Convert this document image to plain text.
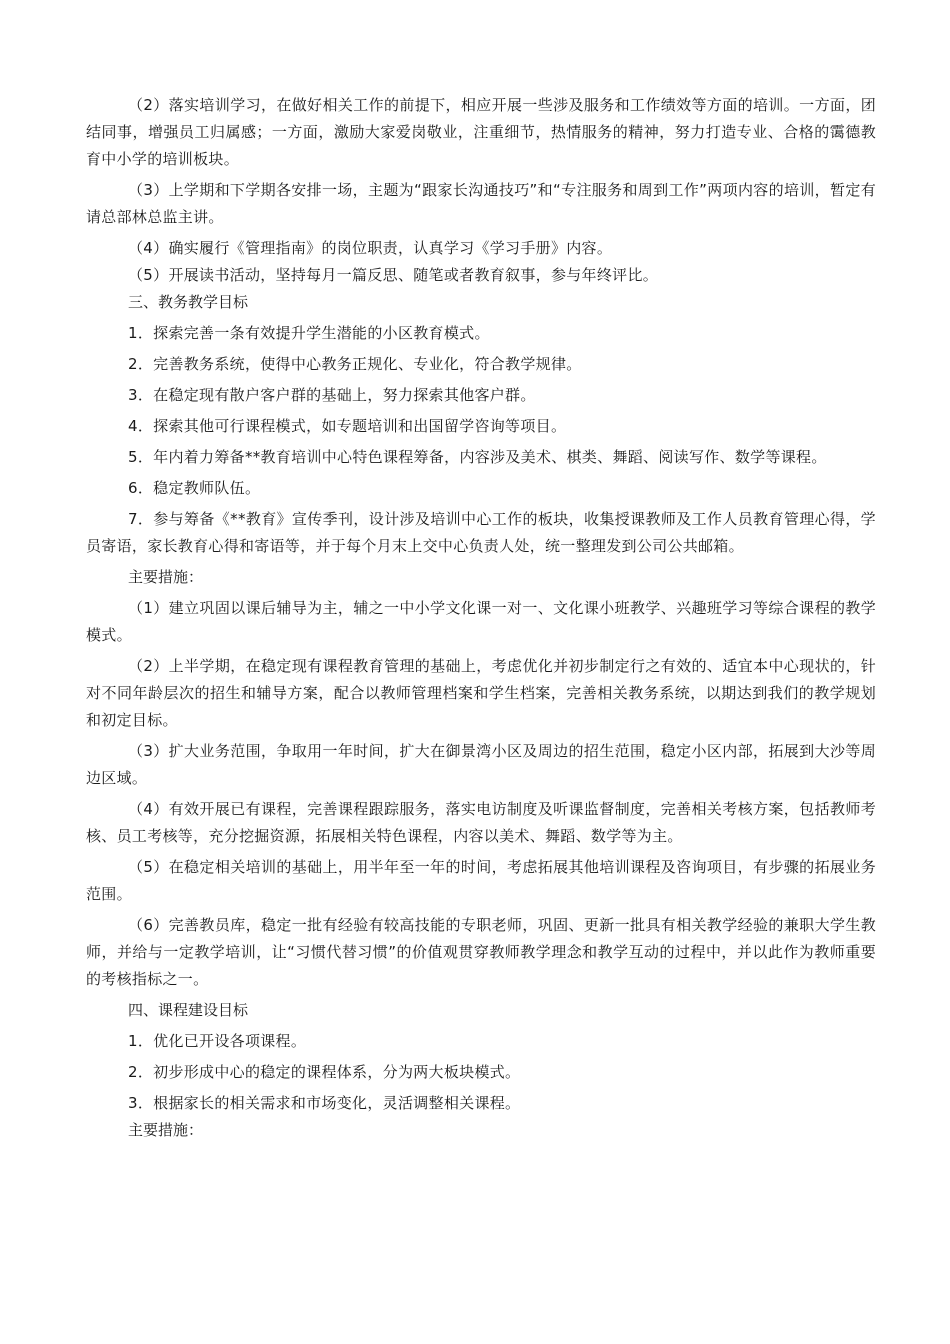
（2）落实培训学习，在做好相关工作的前提下，相应开展一些涉及服务和工作绩效等方面的培训。一方面，团结同事，增强员工归属感；一方面，激励大家爱岗敬业，注重细节，热情服务的精神，努力打造专业、合格的霭德教育中小学的培训板块。

（3）上学期和下学期各安排一场，主题为“跟家长沟通技巧”和“专注服务和周到工作”两项内容的培训，暂定有请总部林总监主讲。

（4）确实履行《管理指南》的岗位职责，认真学习《学习手册》内容。

（5）开展读书活动，坚持每月一篇反思、随笔或者教育叙事，参与年终评比。

三、教务教学目标

1．探索完善一条有效提升学生潜能的小区教育模式。

2．完善教务系统，使得中心教务正规化、专业化，符合教学规律。

3．在稳定现有散户客户群的基础上，努力探索其他客户群。

4．探索其他可行课程模式，如专题培训和出国留学咨询等项目。

5．年内着力筹备**教育培训中心特色课程筹备，内容涉及美术、棋类、舞蹈、阅读写作、数学等课程。

6．稳定教师队伍。

7．参与筹备《**教育》宣传季刊，设计涉及培训中心工作的板块，收集授课教师及工作人员教育管理心得，学员寄语，家长教育心得和寄语等，并于每个月末上交中心负责人处，统一整理发到公司公共邮箱。

主要措施：

（1）建立巩固以课后辅导为主，辅之一中小学文化课一对一、文化课小班教学、兴趣班学习等综合课程的教学模式。

（2）上半学期，在稳定现有课程教育管理的基础上，考虑优化并初步制定行之有效的、适宜本中心现状的，针对不同年龄层次的招生和辅导方案，配合以教师管理档案和学生档案，完善相关教务系统，以期达到我们的教学规划和初定目标。

（3）扩大业务范围，争取用一年时间，扩大在御景湾小区及周边的招生范围，稳定小区内部，拓展到大沙等周边区域。

（4）有效开展已有课程，完善课程跟踪服务，落实电访制度及听课监督制度，完善相关考核方案，包括教师考核、员工考核等，充分挖掘资源，拓展相关特色课程，内容以美术、舞蹈、数学等为主。

（5）在稳定相关培训的基础上，用半年至一年的时间，考虑拓展其他培训课程及咨询项目，有步骤的拓展业务范围。

（6）完善教员库，稳定一批有经验有较高技能的专职老师，巩固、更新一批具有相关教学经验的兼职大学生教师，并给与一定教学培训，让“习惯代替习惯”的价值观贯穿教师教学理念和教学互动的过程中，并以此作为教师重要的考核指标之一。

四、课程建设目标

1．优化已开设各项课程。

2．初步形成中心的稳定的课程体系，分为两大板块模式。

3．根据家长的相关需求和市场变化，灵活调整相关课程。

主要措施：
